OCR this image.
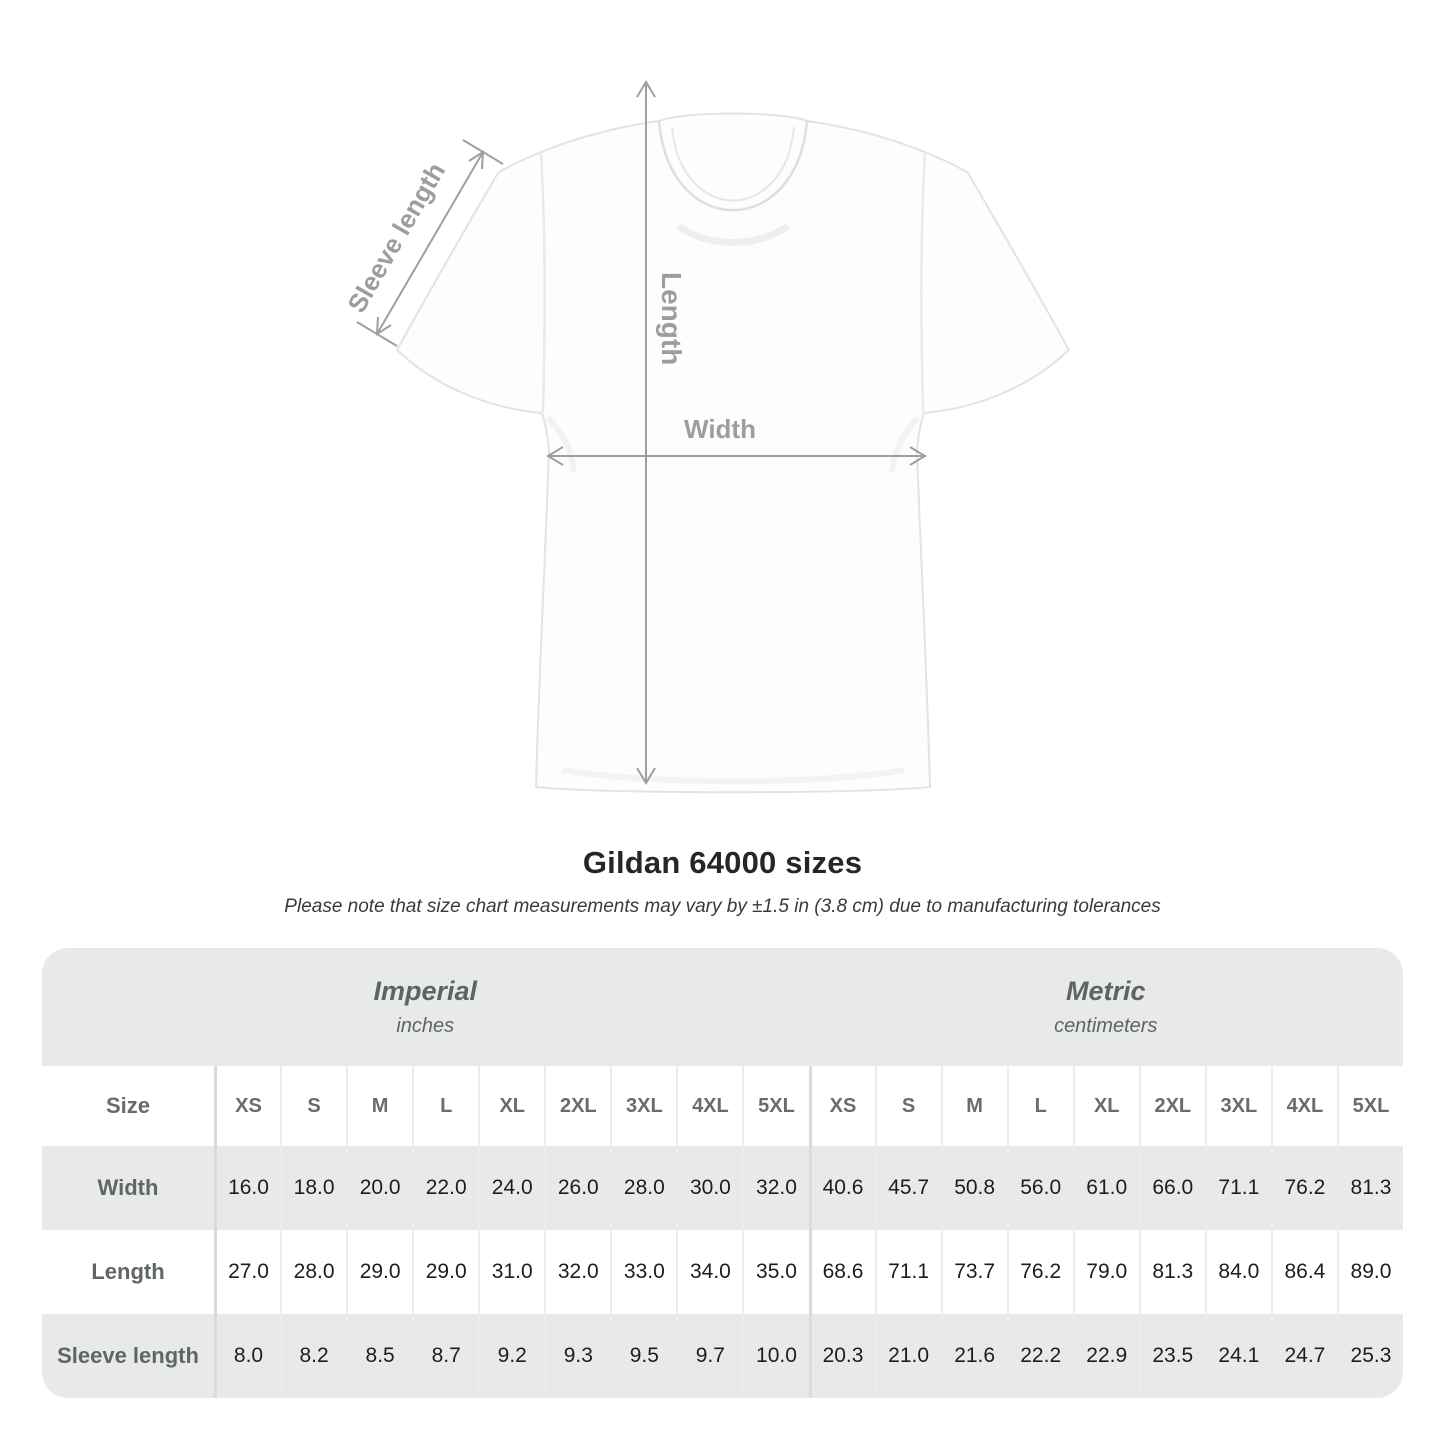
Width
Length
Sleeve length
Gildan 64000 sizes
Please note that size chart measurements may vary by ±1.5 in (3.8 cm) due to manufacturing tolerances
Imperial
inches
Metric
centimeters
Size	XS	S	M	L	XL	2XL	3XL	4XL	5XL	XS	S	M	L	XL	2XL	3XL	4XL	5XL
Width	16.0	18.0	20.0	22.0	24.0	26.0	28.0	30.0	32.0	40.6	45.7	50.8	56.0	61.0	66.0	71.1	76.2	81.3
Length	27.0	28.0	29.0	29.0	31.0	32.0	33.0	34.0	35.0	68.6	71.1	73.7	76.2	79.0	81.3	84.0	86.4	89.0
Sleeve length	8.0	8.2	8.5	8.7	9.2	9.3	9.5	9.7	10.0	20.3	21.0	21.6	22.2	22.9	23.5	24.1	24.7	25.3
